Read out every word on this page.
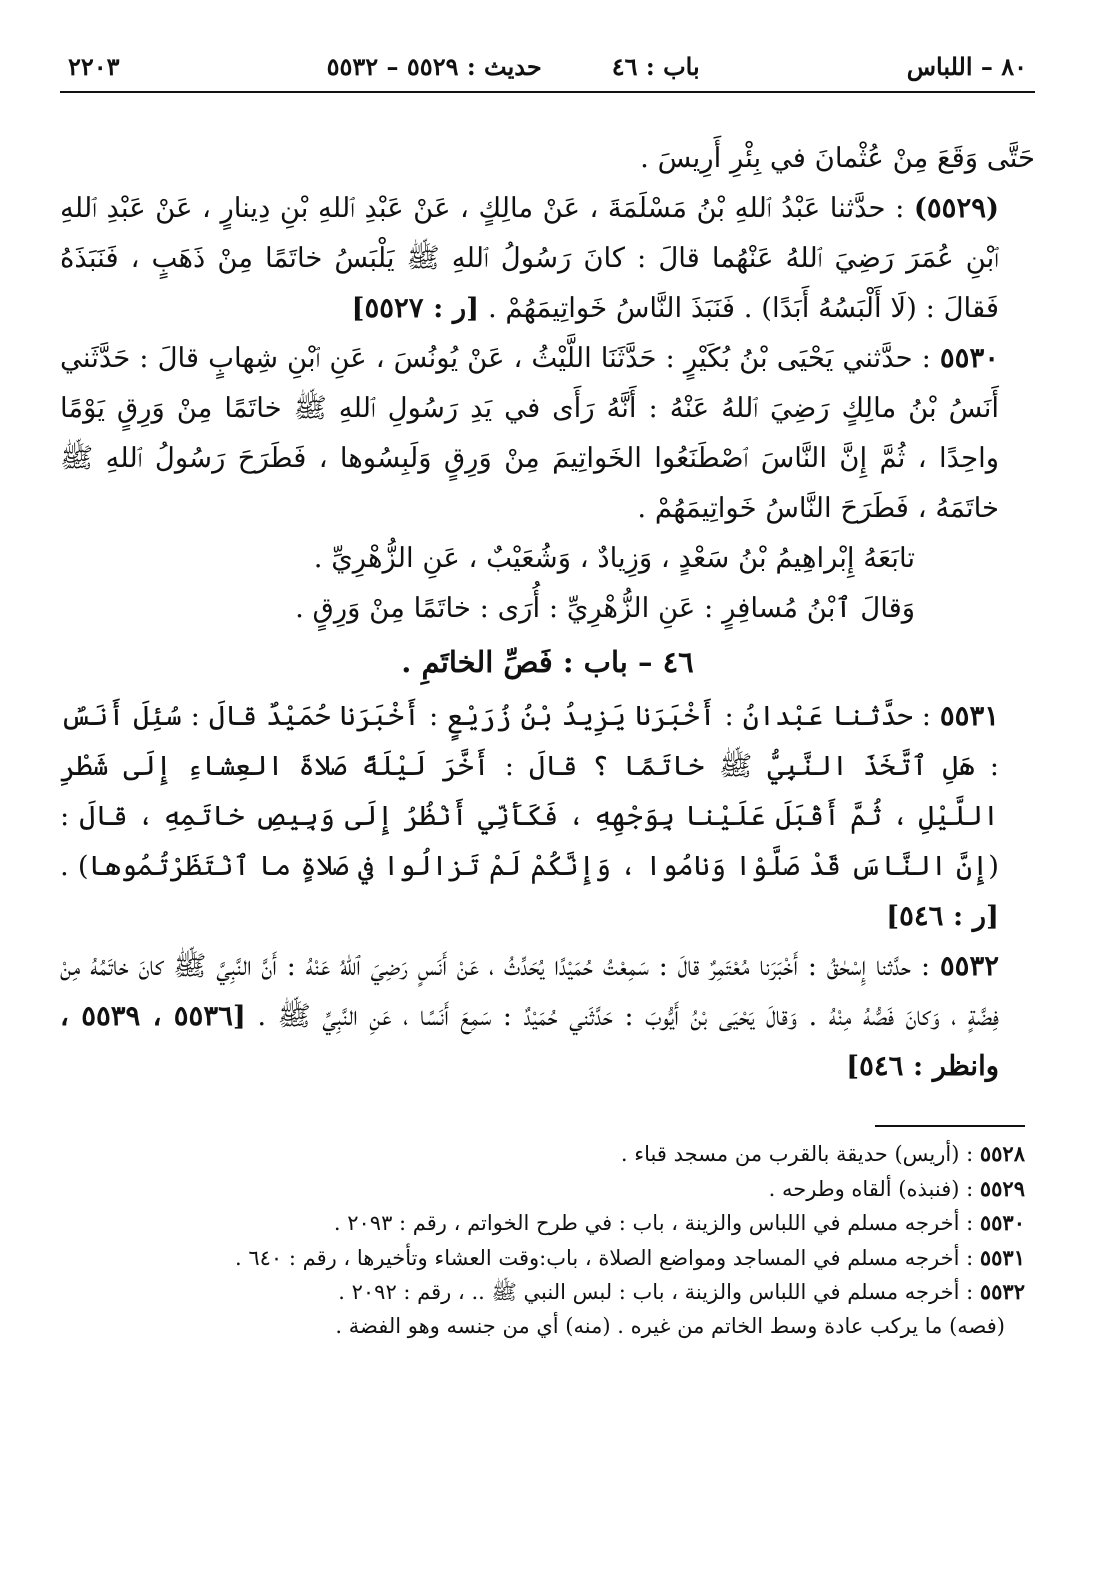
٨٠ – اللباس
باب : ٤٦
حديث : ٥٥٢٩ – ٥٥٣٢
٢٢٠٣

حَتَّى وَقَعَ مِنْ عُثْمانَ في بِئْرِ أَرِيسَ .

(٥٥٢٩) : حدَّثنا عَبْدُ ٱللهِ بْنُ مَسْلَمَةَ ، عَنْ مالِكٍ ، عَنْ عَبْدِ ٱللهِ بْنِ دِينارٍ ، عَنْ عَبْدِ ٱللهِ ٱبْنِ عُمَرَ رَضِيَ ٱللهُ عَنْهُما قالَ : كانَ رَسُولُ ٱللهِ ﷺ يَلْبَسُ خاتَمًا مِنْ ذَهَبٍ ، فَنَبَذَهُ فَقالَ : (لَا أَلْبَسُهُ أَبَدًا) . فَنَبَذَ النَّاسُ خَواتِيمَهُمْ . [ر : ٥٥٢٧]

٥٥٣٠ : حدَّثني يَحْيَى بْنُ بُكَيْرٍ : حَدَّثَنَا اللَّيْثُ ، عَنْ يُونُسَ ، عَنِ ٱبْنِ شِهابٍ قالَ : حَدَّثَني أَنَسُ بْنُ مالِكٍ رَضِيَ ٱللهُ عَنْهُ : أَنَّهُ رَأَى في يَدِ رَسُولِ ٱللهِ ﷺ خاتَمًا مِنْ وَرِقٍ يَوْمًا واحِدًا ، ثُمَّ إِنَّ النَّاسَ ٱصْطَنَعُوا الخَواتِيمَ مِنْ وَرِقٍ وَلَبِسُوها ، فَطَرَحَ رَسُولُ ٱللهِ ﷺ خاتَمَهُ ، فَطَرَحَ النَّاسُ خَواتِيمَهُمْ .

تابَعَهُ إِبْراهِيمُ بْنُ سَعْدٍ ، وَزِيادٌ ، وَشُعَيْبٌ ، عَنِ الزُّهْرِيِّ .

وَقالَ ٱبْنُ مُسافِرٍ : عَنِ الزُّهْرِيِّ : أُرَى : خاتَمًا مِنْ وَرِقٍ .

٤٦ – باب : فَصِّ الخاتَمِ .

٥٥٣١ : حدَّثنا عَبْدانُ : أَخْبَرَنا يَزِيدُ بْنُ زُرَيْعٍ : أَخْبَرَنا حُمَيْدٌ قالَ : سُئِلَ أَنَسٌ : هَلِ ٱتَّخَذَ النَّبِيُّ ﷺ خاتَمًا ؟ قالَ : أَخَّرَ لَيْلَةً صَلاةَ العِشاءِ إِلَى شَطْرِ اللَّيْلِ ، ثُمَّ أَقْبَلَ عَلَيْنا بِوَجْهِهِ ، فَكَأَنِّي أَنْظُرُ إِلَى وَبِيصِ خاتَمِهِ ، قالَ : (إِنَّ النَّاسَ قَدْ صَلَّوْا وَنامُوا ، وَإِنَّكُمْ لَمْ تَزالُوا في صَلاةٍ ما ٱنْتَظَرْتُمُوها) . [ر : ٥٤٦]

٥٥٣٢ : حدَّثنا إِسْحٰقُ : أَخْبَرَنا مُعْتَمِرٌ قالَ : سَمِعْتُ حُمَيْدًا يُحَدِّثُ ، عَنْ أَنَسٍ رَضِيَ ٱللهُ عَنْهُ : أَنَّ النَّبِيَّ ﷺ كانَ خاتَمُهُ مِنْ فِضَّةٍ ، وَكانَ فَصُّهُ مِنْهُ . وَقالَ يَحْيَى بْنُ أَيُّوبَ : حَدَّثَني حُمَيْدٌ : سَمِعَ أَنَسًا ، عَنِ النَّبِيِّ ﷺ . [٥٥٣٦ ، ٥٥٣٩ ، وانظر : ٥٤٦]

٥٥٢٨ : (أريس) حديقة بالقرب من مسجد قباء .

٥٥٢٩ : (فنبذه) ألقاه وطرحه .

٥٥٣٠ : أخرجه مسلم في اللباس والزينة ، باب : في طرح الخواتم ، رقم : ٢٠٩٣ .

٥٥٣١ : أخرجه مسلم في المساجد ومواضع الصلاة ، باب:وقت العشاء وتأخيرها ، رقم : ٦٤٠ .

٥٥٣٢ : أخرجه مسلم في اللباس والزينة ، باب : لبس النبي ﷺ .. ، رقم : ٢٠٩٢ .

(فصه) ما يركب عادة وسط الخاتم من غيره . (منه) أي من جنسه وهو الفضة .
